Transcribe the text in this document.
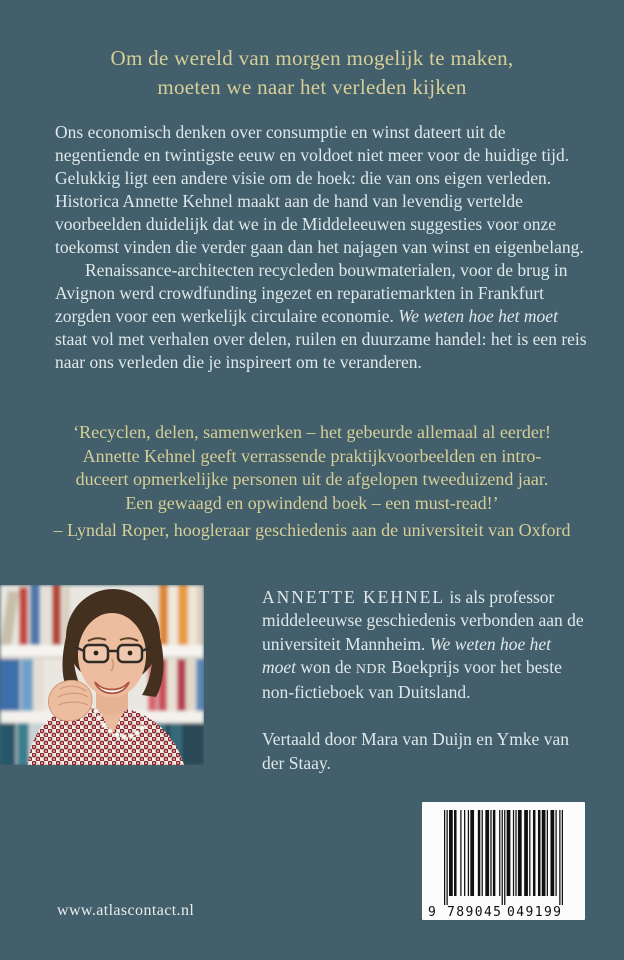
Om de wereld van morgen mogelijk te maken,
moeten we naar het verleden kijken

Ons economisch denken over consumptie en winst dateert uit de negentiende en twintigste eeuw en voldoet niet meer voor de huidige tijd. Gelukkig ligt een andere visie om de hoek: die van ons eigen verleden. Historica Annette Kehnel maakt aan de hand van levendig vertelde voorbeelden duidelijk dat we in de Middeleeuwen suggesties voor onze toekomst vinden die verder gaan dan het najagen van winst en eigenbelang.

Renaissance-architecten recycleden bouwmaterialen, voor de brug in Avignon werd crowdfunding ingezet en reparatiemarkten in Frankfurt zorgden voor een werkelijk circulaire economie. We weten hoe het moet staat vol met verhalen over delen, ruilen en duurzame handel: het is een reis naar ons verleden die je inspireert om te veranderen.

‘Recyclen, delen, samenwerken – het gebeurde allemaal al eerder!
Annette Kehnel geeft verrassende praktijkvoorbeelden en intro-
duceert opmerkelijke personen uit de afgelopen tweeduizend jaar.
Een gewaagd en opwindend boek – een must-read!’
– Lyndal Roper, hoogleraar geschiedenis aan de universiteit van Oxford

ANNETTE KEHNEL is als professor middeleeuwse geschiedenis verbonden aan de universiteit Mannheim. We weten hoe het moet won de NDR Boekprijs voor het beste non-fictieboek van Duitsland.

Vertaald door Mara van Duijn en Ymke van der Staay.

www.atlascontact.nl	9 789045 049199
